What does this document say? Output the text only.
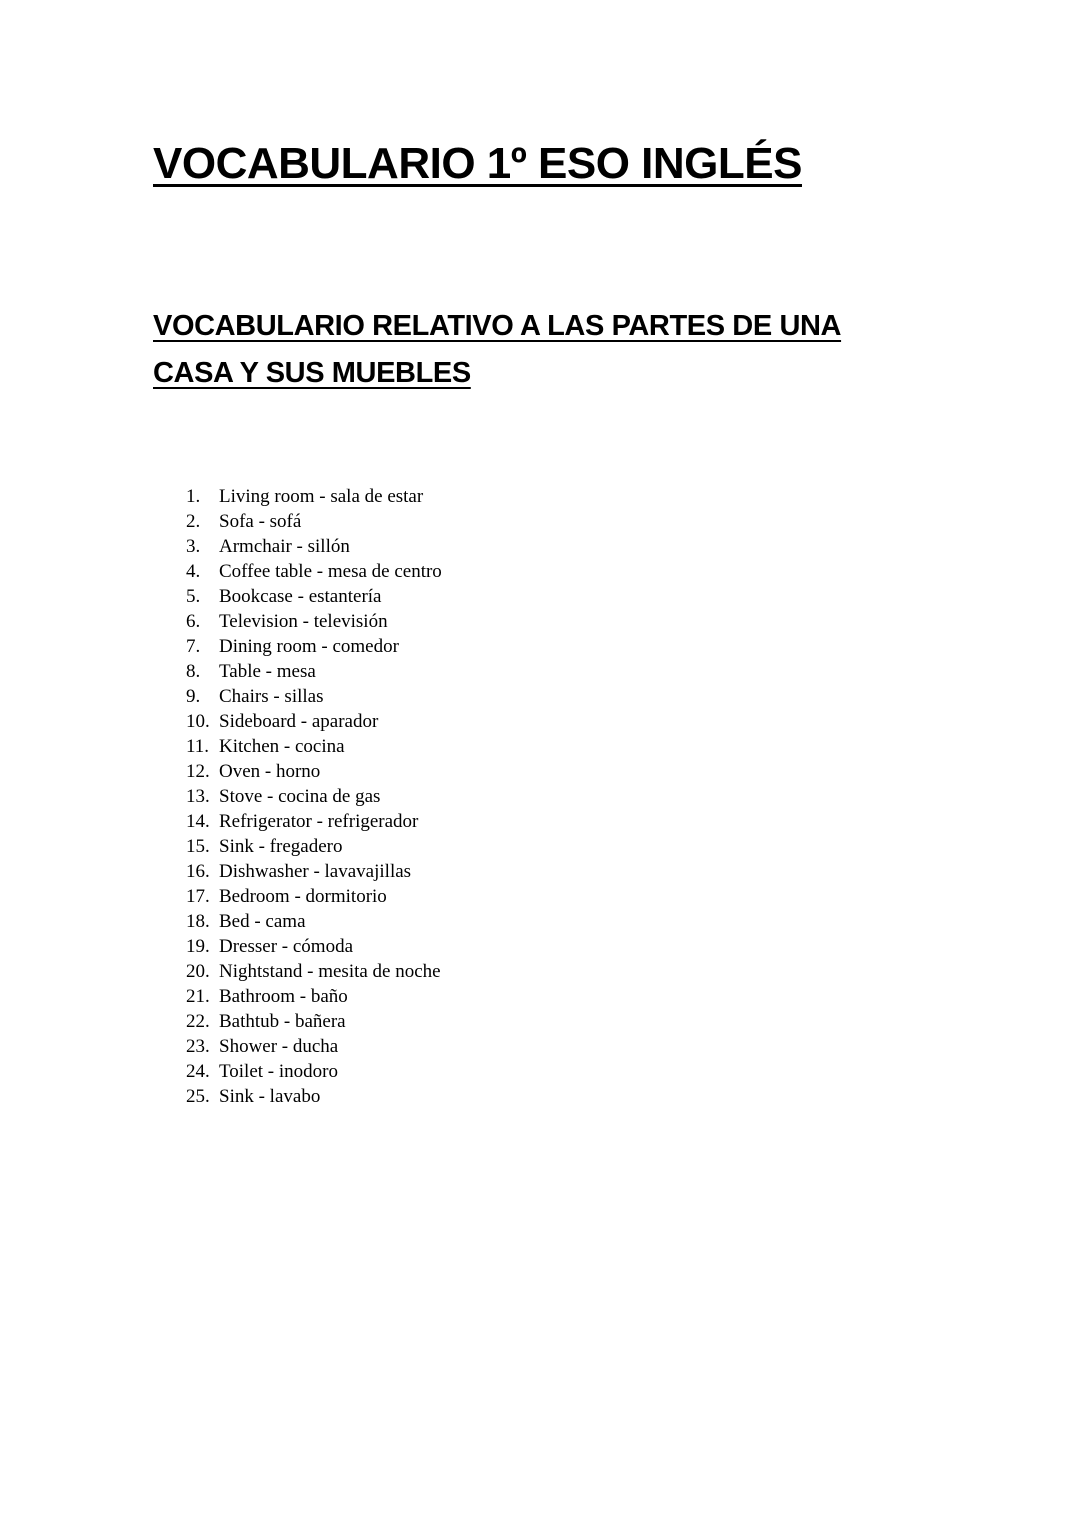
VOCABULARIO 1º ESO INGLÉS
VOCABULARIO RELATIVO A LAS PARTES DE UNA CASA Y SUS MUEBLES
1. Living room - sala de estar
2. Sofa - sofá
3. Armchair - sillón
4. Coffee table - mesa de centro
5. Bookcase - estantería
6. Television - televisión
7. Dining room - comedor
8. Table - mesa
9. Chairs - sillas
10. Sideboard - aparador
11. Kitchen - cocina
12. Oven - horno
13. Stove - cocina de gas
14. Refrigerator - refrigerador
15. Sink - fregadero
16. Dishwasher - lavavajillas
17. Bedroom - dormitorio
18. Bed - cama
19. Dresser - cómoda
20. Nightstand - mesita de noche
21. Bathroom - baño
22. Bathtub - bañera
23. Shower - ducha
24. Toilet - inodoro
25. Sink - lavabo
